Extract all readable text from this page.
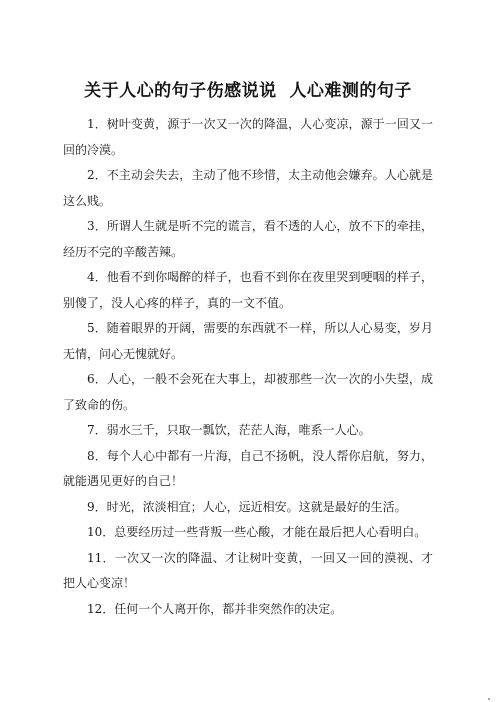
关于人心的句子伤感说说  人心难测的句子
1．树叶变黄，源于一次又一次的降温，人心变凉，源于一回又一回的冷漠。
2．不主动会失去，主动了他不珍惜，太主动他会嫌弃。人心就是这么贱。
3．所谓人生就是听不完的谎言，看不透的人心，放不下的牵挂，经历不完的辛酸苦辣。
4．他看不到你喝醉的样子，也看不到你在夜里哭到哽咽的样子，别傻了，没人心疼的样子，真的一文不值。
5．随着眼界的开阔，需要的东西就不一样，所以人心易变，岁月无情，问心无愧就好。
6．人心，一般不会死在大事上，却被那些一次一次的小失望，成了致命的伤。
7．弱水三千，只取一瓢饮，茫茫人海，唯系一人心。
8．每个人心中都有一片海，自己不扬帆，没人帮你启航，努力，就能遇见更好的自己！
9．时光，浓淡相宜；人心，远近相安。这就是最好的生活。
10．总要经历过一些背叛一些心酸，才能在最后把人心看明白。
11．一次又一次的降温、才让树叶变黄，一回又一回的漠视、才把人心变凉！
12．任何一个人离开你，都并非突然作的决定。
